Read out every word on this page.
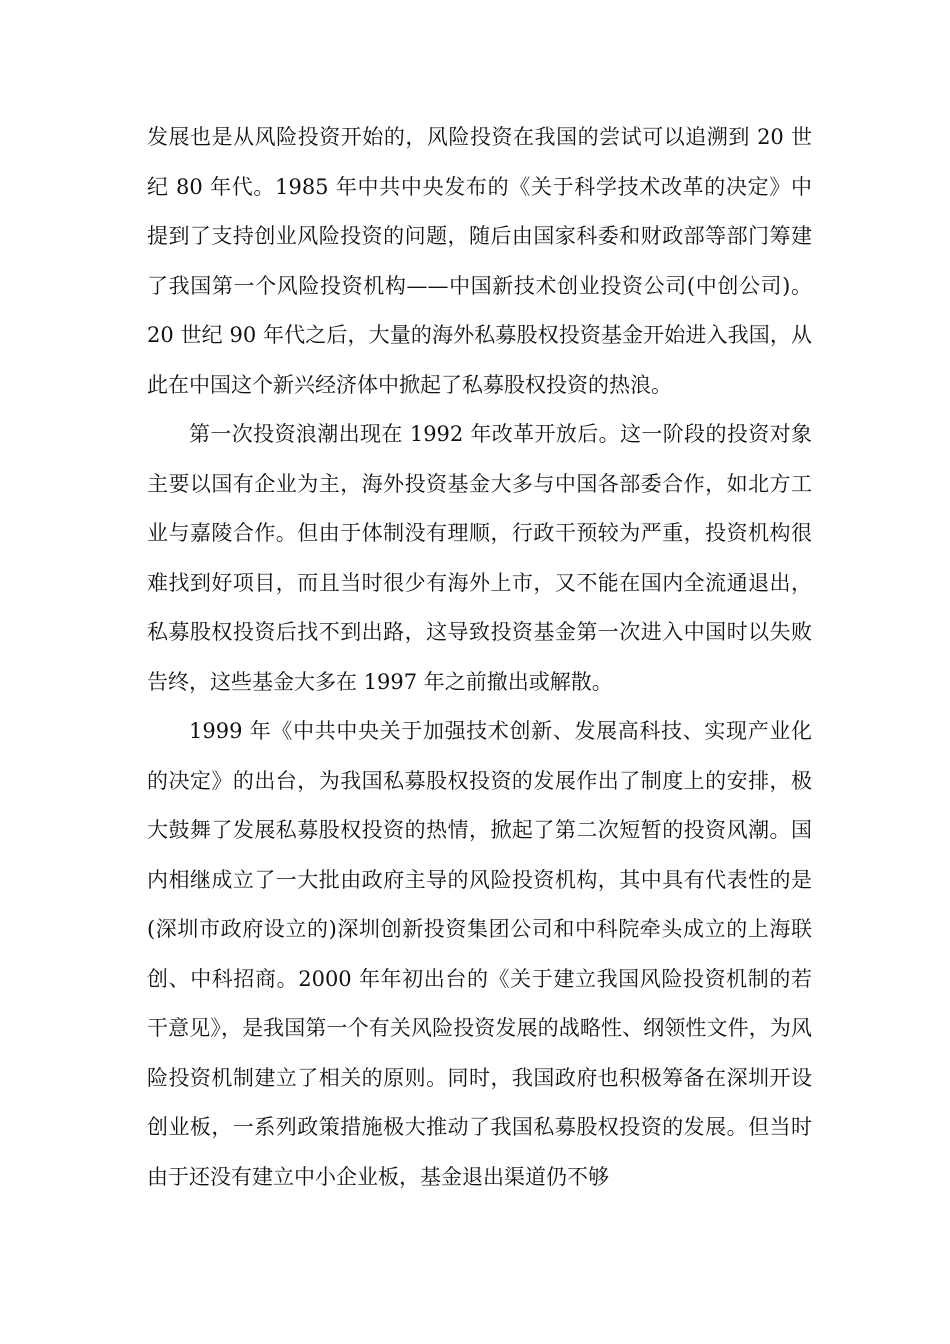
发展也是从风险投资开始的，风险投资在我国的尝试可以追溯到 20 世纪 80 年代。1985 年中共中央发布的《关于科学技术改革的决定》中提到了支持创业风险投资的问题，随后由国家科委和财政部等部门筹建了我国第一个风险投资机构——中国新技术创业投资公司(中创公司)。20 世纪 90 年代之后，大量的海外私募股权投资基金开始进入我国，从此在中国这个新兴经济体中掀起了私募股权投资的热浪。

第一次投资浪潮出现在 1992 年改革开放后。这一阶段的投资对象主要以国有企业为主，海外投资基金大多与中国各部委合作，如北方工业与嘉陵合作。但由于体制没有理顺，行政干预较为严重，投资机构很难找到好项目，而且当时很少有海外上市，又不能在国内全流通退出，私募股权投资后找不到出路，这导致投资基金第一次进入中国时以失败告终，这些基金大多在 1997 年之前撤出或解散。

1999 年《中共中央关于加强技术创新、发展高科技、实现产业化的决定》的出台，为我国私募股权投资的发展作出了制度上的安排，极大鼓舞了发展私募股权投资的热情，掀起了第二次短暂的投资风潮。国内相继成立了一大批由政府主导的风险投资机构，其中具有代表性的是(深圳市政府设立的)深圳创新投资集团公司和中科院牵头成立的上海联创、中科招商。2000 年年初出台的《关于建立我国风险投资机制的若干意见》，是我国第一个有关风险投资发展的战略性、纲领性文件，为风险投资机制建立了相关的原则。同时，我国政府也积极筹备在深圳开设创业板，一系列政策措施极大推动了我国私募股权投资的发展。但当时由于还没有建立中小企业板，基金退出渠道仍不够
